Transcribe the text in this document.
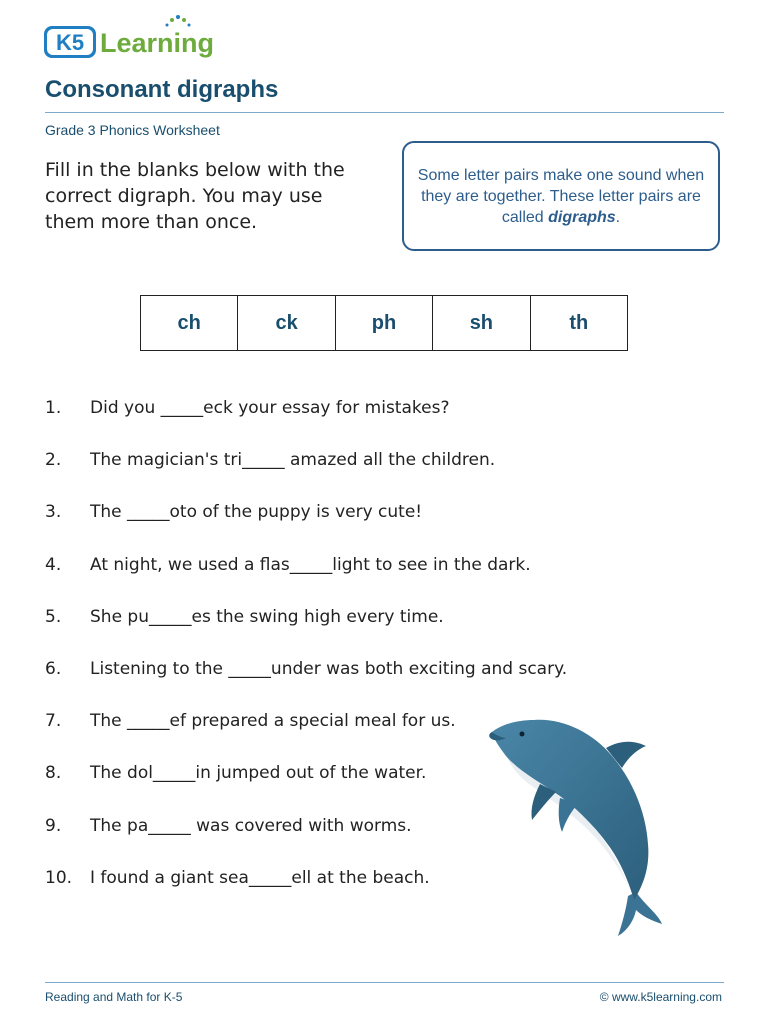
K5 Learning
Consonant digraphs
Grade 3 Phonics Worksheet
Fill in the blanks below with the correct digraph. You may use them more than once.
Some letter pairs make one sound when they are together. These letter pairs are called digraphs.
ch	ck	ph	sh	th
1.	Did you _____eck your essay for mistakes?
2.	The magician's tri_____ amazed all the children.
3.	The _____oto of the puppy is very cute!
4.	At night, we used a flas_____light to see in the dark.
5.	She pu_____es the swing high every time.
6.	Listening to the _____under was both exciting and scary.
7.	The _____ef prepared a special meal for us.
8.	The dol_____in jumped out of the water.
9.	The pa_____ was covered with worms.
10.	I found a giant sea_____ell at the beach.
Reading and Math for K-5	© www.k5learning.com
